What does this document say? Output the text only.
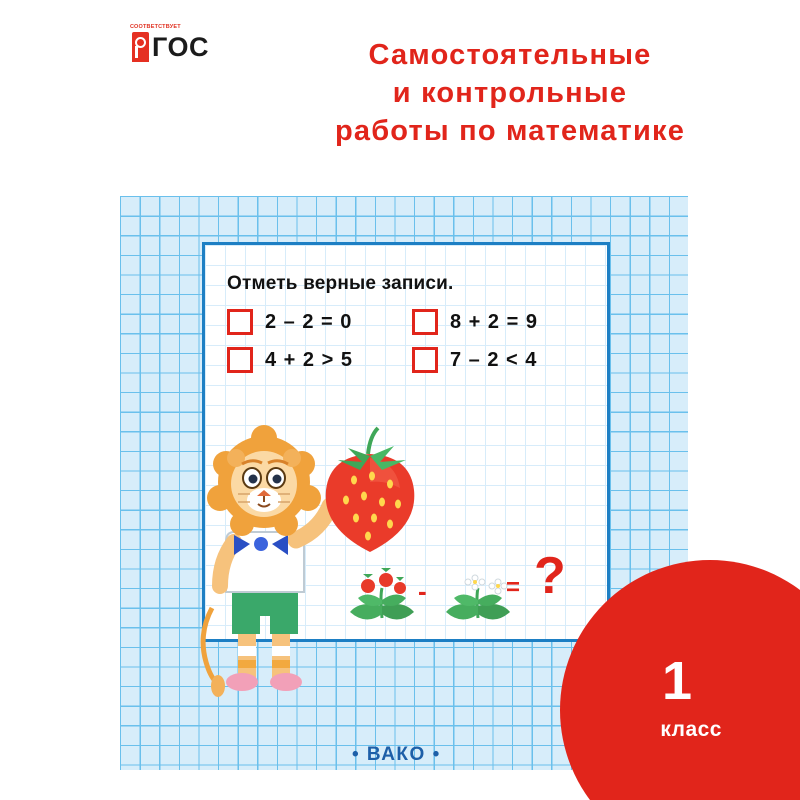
СООТВЕТСТВУЕТ
ГОС	Самостоятельные
и контрольные
работы по математике
Отметь верные записи.
2 – 2 = 0	8 + 2 = 9
4 + 2 > 5	7 – 2 < 4
-	= ?
1
класс
• ВАКО •
